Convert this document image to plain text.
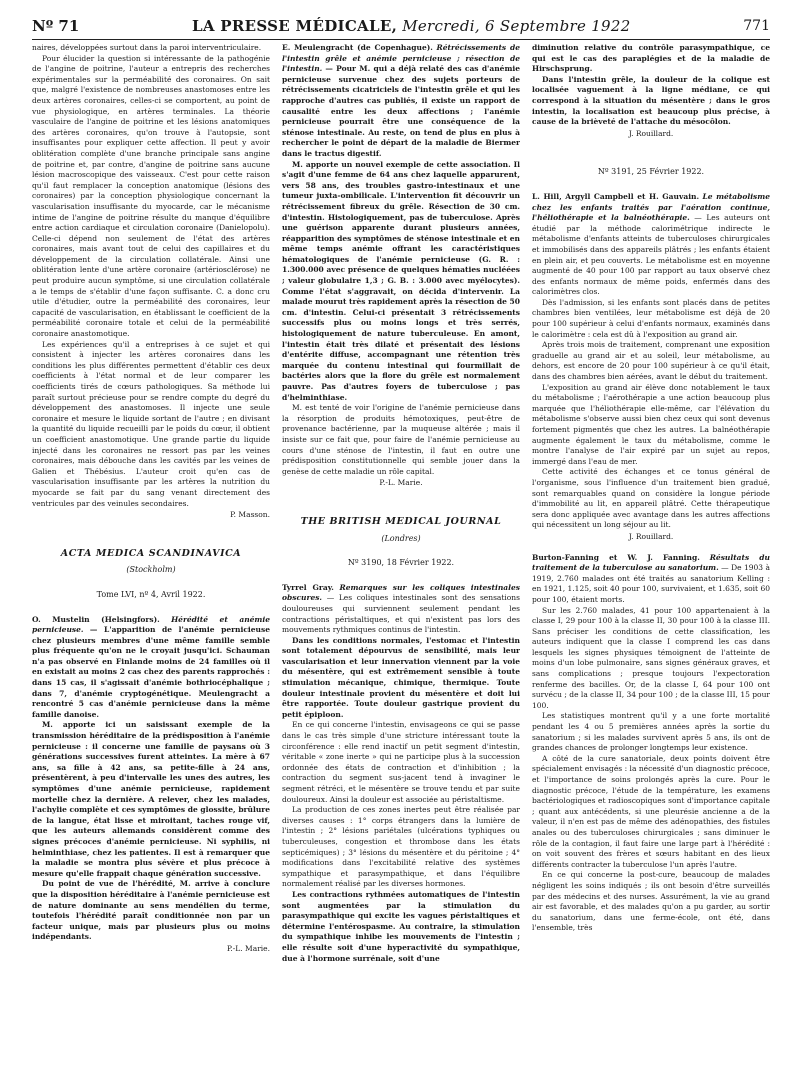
Nº 71	LA PRESSE MÉDICALE, Mercredi, 6 Septembre 1922	771

naires, développées surtout dans la paroi interventriculaire.

Pour élucider la question si intéressante de la pathogénie de l'angine de poitrine, l'auteur a entrepris des recherches expérimentales sur la perméabilité des coronaires. On sait que, malgré l'existence de nombreuses anastomoses entre les deux artères coronaires, celles-ci se comportent, au point de vue physiologique, en artères terminales. La théorie vasculaire de l'angine de poitrine et les lésions anatomiques des artères coronaires, qu'on trouve à l'autopsie, sont insuffisantes pour expliquer cette affection. Il peut y avoir oblitération complète d'une branche principale sans angine de poitrine et, par contre, d'angine de poitrine sans aucune lésion macroscopique des vaisseaux. C'est pour cette raison qu'il faut remplacer la conception anatomique (lésions des coronaires) par la conception physiologique concernant la vascularisation insuffisante du myocarde, car le mécanisme intime de l'angine de poitrine résulte du manque d'équilibre entre action cardiaque et circulation coronaire (Danielopolu). Celle-ci dépend non seulement de l'état des artères coronaires, mais avant tout de celui des capillaires et du développement de la circulation collatérale. Ainsi une oblitération lente d'une artère coronaire (artériosclérose) ne peut produire aucun symptôme, si une circulation collatérale a le temps de s'établir d'une façon suffisante. C. a donc cru utile d'étudier, outre la perméabilité des coronaires, leur capacité de vascularisation, en établissant le coefficient de la perméabilité coronaire totale et celui de la perméabilité coronaire anastomotique.

Les expériences qu'il a entreprises à ce sujet et qui consistent à injecter les artères coronaires dans les conditions les plus différentes permettent d'établir ces deux coefficients à l'état normal et de leur comparer les coefficients tirés de cœurs pathologiques. Sa méthode lui paraît surtout précieuse pour se rendre compte du degré du développement des anastomoses. Il injecte une seule coronaire et mesure le liquide sortant de l'autre ; en divisant la quantité du liquide recueilli par le poids du cœur, il obtient un coefficient anastomotique. Une grande partie du liquide injecté dans les coronaires ne ressort pas par les veines coronaires, mais débouche dans les cavités par les veines de Galien et Thébésius. L'auteur croit qu'en cas de vascularisation insuffisante par les artères la nutrition du myocarde se fait par du sang venant directement des ventricules par des veinules secondaires.

P. Masson.
ACTA MEDICA SCANDINAVICA
(Stockholm)
Tome LVI, nº 4, Avril 1922.

O. Mustelin (Helsingfors). Hérédité et anémie pernicieuse. — L'apparition de l'anémie pernicieuse chez plusieurs membres d'une même famille semble plus fréquente qu'on ne le croyait jusqu'ici. Schauman n'a pas observé en Finlande moins de 24 familles où il en existait au moins 2 cas chez des parents rapprochés : dans 15 cas, il s'agissait d'anémie bothriocéphalique ; dans 7, d'anémie cryptogénétique. Meulengracht a rencontré 5 cas d'anémie pernicieuse dans la même famille danoise.

M. apporte ici un saisissant exemple de la transmission héréditaire de la prédisposition à l'anémie pernicieuse : il concerne une famille de paysans où 3 générations successives furent atteintes. La mère à 67 ans, sa fille à 42 ans, sa petite-fille à 24 ans, présentèrent, à peu d'intervalle les unes des autres, les symptômes d'une anémie pernicieuse, rapidement mortelle chez la dernière. A relever, chez les malades, l'achylie complète et ces symptômes de glossite, brûlure de la langue, état lisse et miroitant, taches rouge vif, que les auteurs allemands considèrent comme des signes précoces d'anémie pernicieuse. Ni syphilis, ni helminthiase, chez les patientes. Il est à remarquer que la maladie se montra plus sévère et plus précoce à mesure qu'elle frappait chaque génération successive.

Du point de vue de l'hérédité, M. arrive à conclure que la disposition héréditaire à l'anémie pernicieuse est de nature dominante au sens mendélien du terme, toutefois l'hérédité paraît conditionnée non par un facteur unique, mais par plusieurs plus ou moins indépendants.

P.-L. Marie.

E. Meulengracht (de Copenhague). Rétrécissements de l'intestin grêle et anémie pernicieuse ; résection de l'intestin. — Pour M. qui a déjà relaté des cas d'anémie pernicieuse survenue chez des sujets porteurs de rétrécissements cicatriciels de l'intestin grêle et qui les rapproche d'autres cas publiés, il existe un rapport de causalité entre les deux affections ; l'anémie pernicieuse pourrait être une conséquence de la sténose intestinale. Au reste, on tend de plus en plus à rechercher le point de départ de la maladie de Biermer dans le tractus digestif.

M. apporte un nouvel exemple de cette association. Il s'agit d'une femme de 64 ans chez laquelle apparurent, vers 58 ans, des troubles gastro-intestinaux et une tumeur juxta-ombilicale. L'intervention fit découvrir un rétrécissement fibreux du grêle. Résection de 30 cm. d'intestin. Histologiquement, pas de tuberculose. Après une guérison apparente durant plusieurs années, réapparition des symptômes de sténose intestinale et en même temps anémie offrant les caractéristiques hématologiques de l'anémie pernicieuse (G. R. : 1.300.000 avec présence de quelques hématies nucléées ; valeur globulaire 1,3 ; G. B. : 3.000 avec myélocytes). Comme l'état s'aggravait, on décida d'intervenir. La malade mourut très rapidement après la résection de 50 cm. d'intestin. Celui-ci présentait 3 rétrécissements successifs plus ou moins longs et très serrés, histologiquement de nature tuberculeuse. En amont, l'intestin était très dilaté et présentait des lésions d'entérite diffuse, accompagnant une rétention très marquée du contenu intestinal qui fourmillait de bactéries alors que la flore du grêle est normalement pauvre. Pas d'autres foyers de tuberculose ; pas d'helminthiase.

M. est tenté de voir l'origine de l'anémie pernicieuse dans la résorption de produits hémotoxiques, peut-être de provenance bactérienne, par la muqueuse altérée ; mais il insiste sur ce fait que, pour faire de l'anémie pernicieuse au cours d'une sténose de l'intestin, il faut en outre une prédisposition constitutionnelle qui semble jouer dans la genèse de cette maladie un rôle capital.

P.-L. Marie.
THE BRITISH MEDICAL JOURNAL
(Londres)
Nº 3190, 18 Février 1922.

Tyrrel Gray. Remarques sur les coliques intestinales obscures. — Les coliques intestinales sont des sensations douloureuses qui surviennent seulement pendant les contractions péristaltiques, et qui n'existent pas lors des mouvements rythmiques continus de l'intestin.

Dans les conditions normales, l'estomac et l'intestin sont totalement dépourvus de sensibilité, mais leur vascularisation et leur innervation viennent par la voie du mésentère, qui est extrêmement sensible à toute stimulation mécanique, chimique, thermique. Toute douleur intestinale provient du mésentère et doit lui être rapportée. Toute douleur gastrique provient du petit épiploon.

En ce qui concerne l'intestin, envisageons ce qui se passe dans le cas très simple d'une stricture intéressant toute la circonférence : elle rend inactif un petit segment d'intestin, véritable « zone inerte » qui ne participe plus à la succession ordonnée des états de contraction et d'inhibition ; la contraction du segment sus-jacent tend à invaginer le segment rétréci, et le mésentère se trouve tendu et par suite douloureux. Ainsi la douleur est associée au péristaltisme.

La production de ces zones inertes peut être réalisée par diverses causes : 1° corps étrangers dans la lumière de l'intestin ; 2° lésions pariétales (ulcérations typhiques ou tuberculeuses, congestion et thrombose dans les états septicémiques) ; 3° lésions du mésentère et du péritoine ; 4° modifications dans l'excitabilité relative des systèmes sympathique et parasympathique, et dans l'équilibre normalement réalisé par les diverses hormones.

Les contractions rythmées automatiques de l'intestin sont augmentées par la stimulation du parasympathique qui excite les vagues péristaltiques et détermine l'entérospasme. Au contraire, la stimulation du sympathique inhibe les mouvements de l'intestin ; elle résulte soit d'une hyperactivité du sympathique, due à l'hormone surrénale, soit d'une

diminution relative du contrôle parasympathique, ce qui est le cas des paraplégies et de la maladie de Hirschsprung.

Dans l'intestin grêle, la douleur de la colique est localisée vaguement à la ligne médiane, ce qui correspond à la situation du mésentère ; dans le gros intestin, la localisation est beaucoup plus précise, à cause de la brièveté de l'attache du mésocôlon.

J. Rouillard.
Nº 3191, 25 Février 1922.

L. Hill, Argyll Campbell et H. Gauvain. Le métabolisme chez les enfants traités par l'aération continue, l'héliothérapie et la balnéothérapie. — Les auteurs ont étudié par la méthode calorimétrique indirecte le métabolisme d'enfants atteints de tuberculoses chirurgicales et immobilisés dans des appareils plâtrés ; les enfants étaient en plein air, et peu couverts. Le métabolisme est en moyenne augmenté de 40 pour 100 par rapport au taux observé chez des enfants normaux de même poids, enfermés dans des calorimètres clos.

Dès l'admission, si les enfants sont placés dans de petites chambres bien ventilées, leur métabolisme est déjà de 20 pour 100 supérieur à celui d'enfants normaux, examinés dans le calorimètre : cela est dû à l'exposition au grand air.

Après trois mois de traitement, comprenant une exposition graduelle au grand air et au soleil, leur métabolisme, au dehors, est encore de 20 pour 100 supérieur à ce qu'il était, dans des chambres bien aérées, avant le début du traitement.

L'exposition au grand air élève donc notablement le taux du métabolisme ; l'aérothérapie a une action beaucoup plus marquée que l'héliothérapie elle-même, car l'élévation du métabolisme s'observe aussi bien chez ceux qui sont devenus fortement pigmentés que chez les autres. La balnéothérapie augmente également le taux du métabolisme, comme le montre l'analyse de l'air expiré par un sujet au repos, immergé dans l'eau de mer.

Cette activité des échanges et ce tonus général de l'organisme, sous l'influence d'un traitement bien gradué, sont remarquables quand on considère la longue période d'immobilité au lit, en appareil plâtré. Cette thérapeutique sera donc appliquée avec avantage dans les autres affections qui nécessitent un long séjour au lit.

J. Rouillard.

Burton-Fanning et W. J. Fanning. Résultats du traitement de la tuberculose au sanatorium. — De 1903 à 1919, 2.760 malades ont été traités au sanatorium Kelling : en 1921, 1.125, soit 40 pour 100, survivaient, et 1.635, soit 60 pour 100, étaient morts.

Sur les 2.760 malades, 41 pour 100 appartenaient à la classe I, 29 pour 100 à la classe II, 30 pour 100 à la classe III. Sans préciser les conditions de cette classification, les auteurs indiquent que la classe I comprend les cas dans lesquels les signes physiques témoignent de l'atteinte de moins d'un lobe pulmonaire, sans signes généraux graves, et sans complications ; presque toujours l'expectoration renferme des bacilles. Or, de la classe I, 64 pour 100 ont survécu ; de la classe II, 34 pour 100 ; de la classe III, 15 pour 100.

Les statistiques montrent qu'il y a une forte mortalité pendant les 4 ou 5 premières années après la sortie du sanatorium ; si les malades survivent après 5 ans, ils ont de grandes chances de prolonger longtemps leur existence.

A côté de la cure sanatoriale, deux points doivent être spécialement envisagés : la nécessité d'un diagnostic précoce, et l'importance de soins prolongés après la cure. Pour le diagnostic précoce, l'étude de la température, les examens bactériologiques et radioscopiques sont d'importance capitale ; quant aux antécédents, si une pleurésie ancienne a de la valeur, il n'en est pas de même des adénopathies, des fistules anales ou des tuberculoses chirurgicales ; sans diminuer le rôle de la contagion, il faut faire une large part à l'hérédité : on voit souvent des frères et sœurs habitant en des lieux différents contracter la tuberculose l'un après l'autre.

En ce qui concerne la post-cure, beaucoup de malades négligent les soins indiqués ; ils ont besoin d'être surveillés par des médecins et des nurses. Assurément, la vie au grand air est favorable, et des malades qu'on a pu garder, au sortir du sanatorium, dans une ferme-école, ont été, dans l'ensemble, très
